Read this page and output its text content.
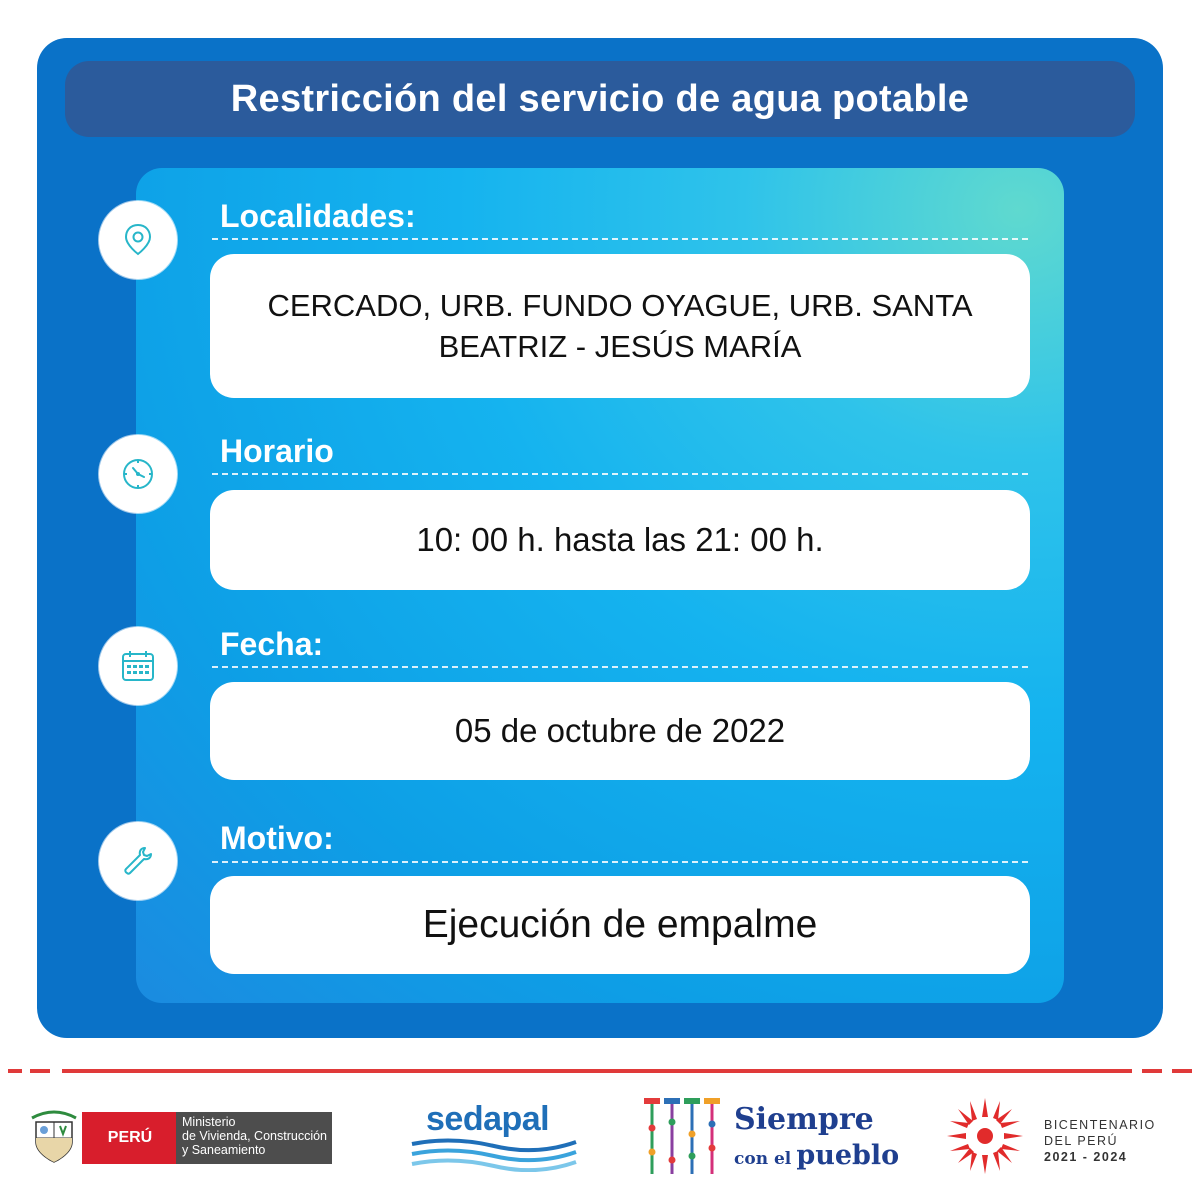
Restricción del servicio de agua potable
Localidades:
CERCADO, URB. FUNDO OYAGUE, URB. SANTA
BEATRIZ - JESÚS MARÍA
Horario
10: 00 h. hasta las 21: 00 h.
Fecha:
05 de octubre de 2022
Motivo:
Ejecución de empalme
PERÚ
Ministerio
de Vivienda, Construcción
y Saneamiento
sedapal	Siempre
con el pueblo
BICENTENARIO
DEL PERÚ
2021 - 2024
